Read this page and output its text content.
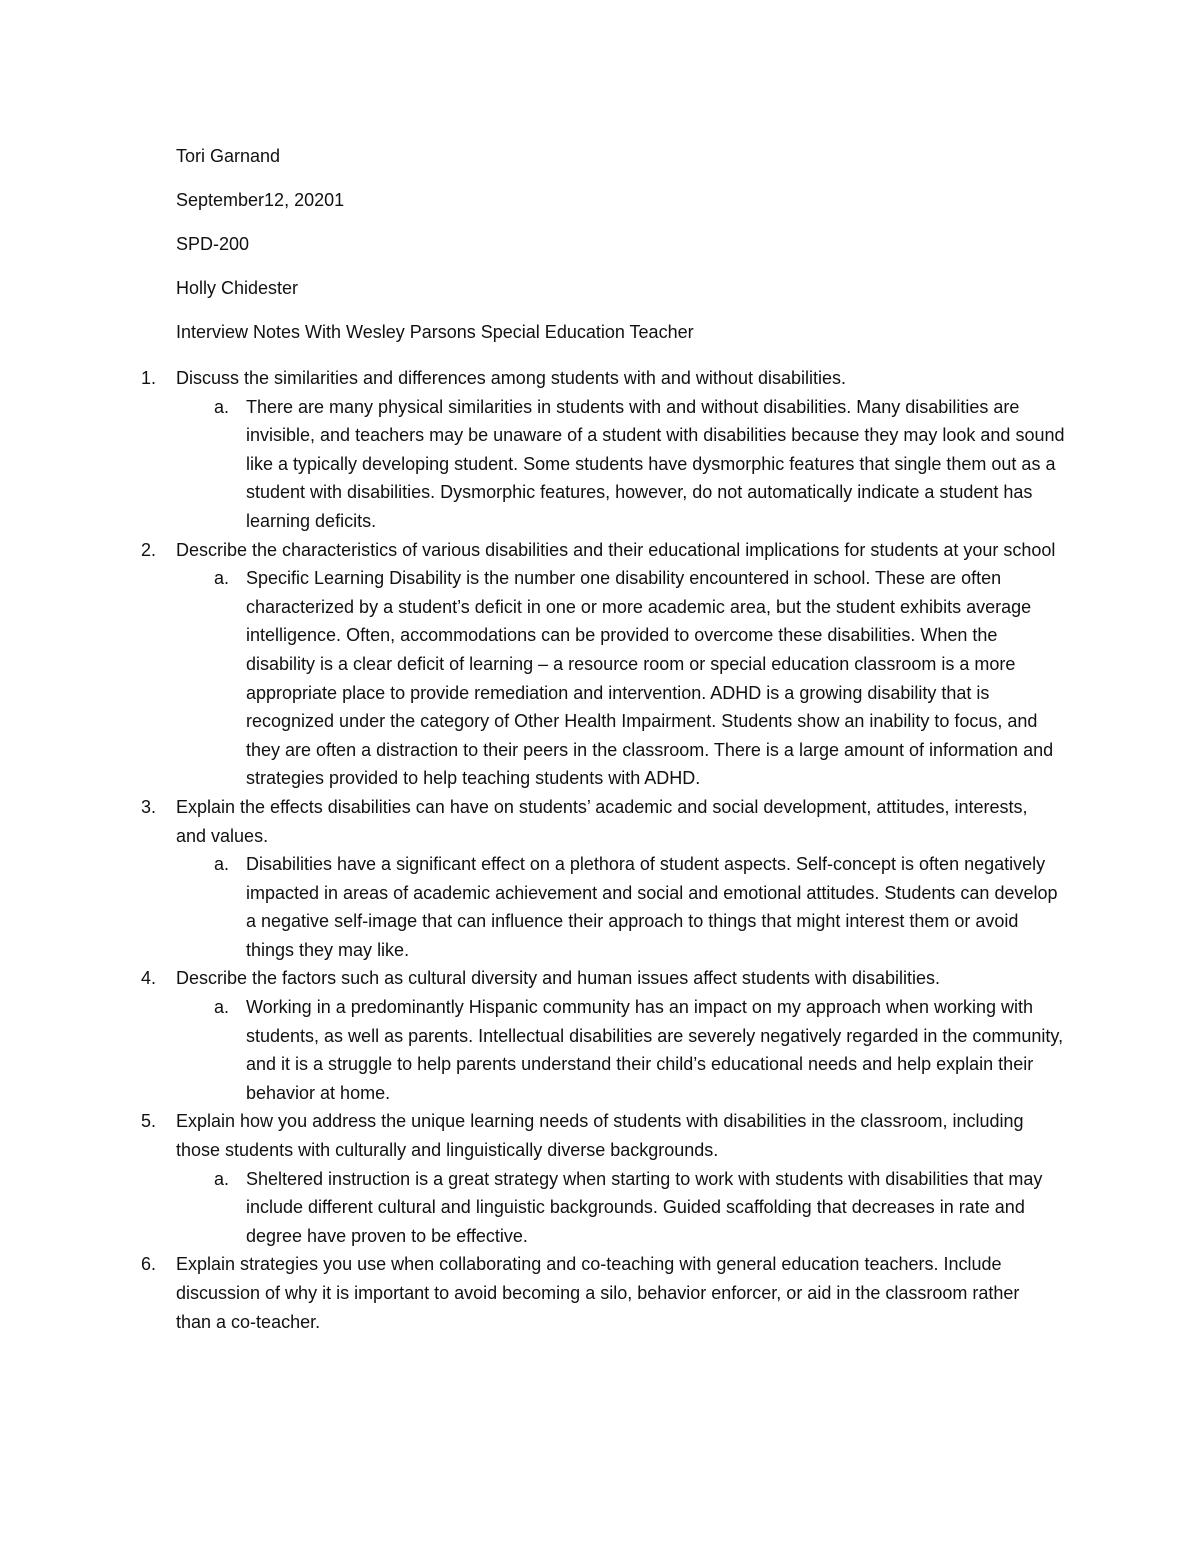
Tori Garnand
September12, 20201
SPD-200
Holly Chidester
Interview Notes With Wesley Parsons Special Education Teacher
1. Discuss the similarities and differences among students with and without disabilities.
a. There are many physical similarities in students with and without disabilities. Many disabilities are invisible, and teachers may be unaware of a student with disabilities because they may look and sound like a typically developing student. Some students have dysmorphic features that single them out as a student with disabilities. Dysmorphic features, however, do not automatically indicate a student has learning deficits.
2. Describe the characteristics of various disabilities and their educational implications for students at your school
a. Specific Learning Disability is the number one disability encountered in school. These are often characterized by a student’s deficit in one or more academic area, but the student exhibits average intelligence. Often, accommodations can be provided to overcome these disabilities. When the disability is a clear deficit of learning – a resource room or special education classroom is a more appropriate place to provide remediation and intervention. ADHD is a growing disability that is recognized under the category of Other Health Impairment. Students show an inability to focus, and they are often a distraction to their peers in the classroom. There is a large amount of information and strategies provided to help teaching students with ADHD.
3. Explain the effects disabilities can have on students’ academic and social development, attitudes, interests, and values.
a. Disabilities have a significant effect on a plethora of student aspects. Self-concept is often negatively impacted in areas of academic achievement and social and emotional attitudes. Students can develop a negative self-image that can influence their approach to things that might interest them or avoid things they may like.
4. Describe the factors such as cultural diversity and human issues affect students with disabilities.
a. Working in a predominantly Hispanic community has an impact on my approach when working with students, as well as parents. Intellectual disabilities are severely negatively regarded in the community, and it is a struggle to help parents understand their child’s educational needs and help explain their behavior at home.
5. Explain how you address the unique learning needs of students with disabilities in the classroom, including those students with culturally and linguistically diverse backgrounds.
a. Sheltered instruction is a great strategy when starting to work with students with disabilities that may include different cultural and linguistic backgrounds. Guided scaffolding that decreases in rate and degree have proven to be effective.
6. Explain strategies you use when collaborating and co-teaching with general education teachers. Include discussion of why it is important to avoid becoming a silo, behavior enforcer, or aid in the classroom rather than a co-teacher.
